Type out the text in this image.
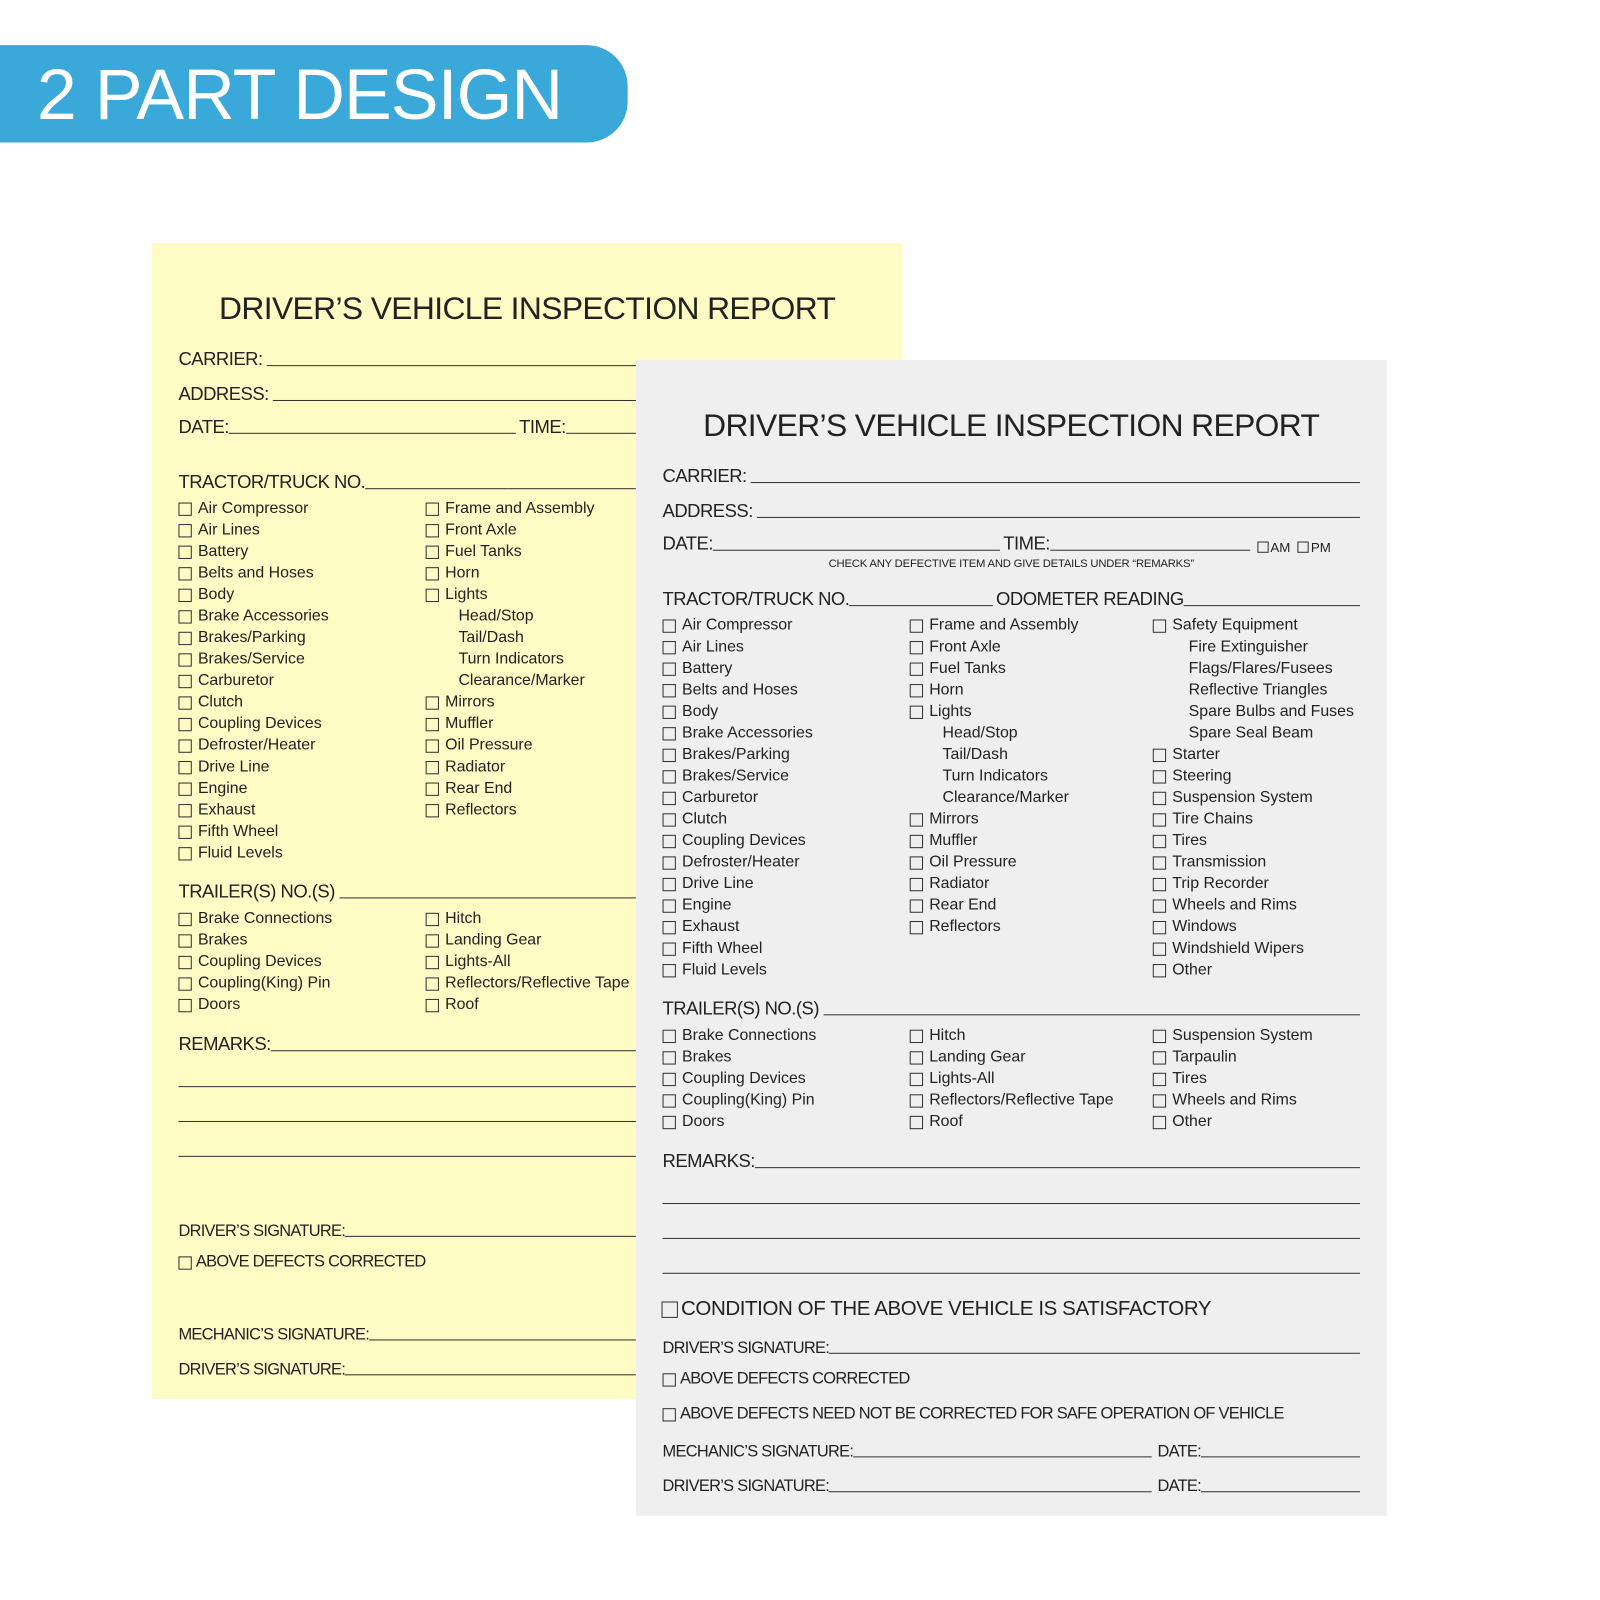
2 PART DESIGN
DRIVER’S VEHICLE INSPECTION REPORT
CARRIER:
ADDRESS:
DATE:	TIME:
TRACTOR/TRUCK NO.
Air Compressor
Air Lines
Battery
Belts and Hoses
Body
Brake Accessories
Brakes/Parking
Brakes/Service
Carburetor
Clutch
Coupling Devices
Defroster/Heater
Drive Line
Engine
Exhaust
Fifth Wheel
Fluid Levels
Frame and Assembly
Front Axle
Fuel Tanks
Horn
Lights
Head/Stop
Tail/Dash
Turn Indicators
Clearance/Marker
Mirrors
Muffler
Oil Pressure
Radiator
Rear End
Reflectors
TRAILER(S) NO.(S)
Brake Connections
Brakes
Coupling Devices
Coupling(King) Pin
Doors
Hitch
Landing Gear
Lights-All
Reflectors/Reflective Tape
Roof
REMARKS:
DRIVER’S SIGNATURE:
ABOVE DEFECTS CORRECTED
MECHANIC’S SIGNATURE:
DRIVER’S SIGNATURE:
DRIVER’S VEHICLE INSPECTION REPORT
CARRIER:
ADDRESS:
DATE:	TIME:	AM PM
CHECK ANY DEFECTIVE ITEM AND GIVE DETAILS UNDER “REMARKS”
TRACTOR/TRUCK NO.	ODOMETER READING
Air Compressor
Air Lines
Battery
Belts and Hoses
Body
Brake Accessories
Brakes/Parking
Brakes/Service
Carburetor
Clutch
Coupling Devices
Defroster/Heater
Drive Line
Engine
Exhaust
Fifth Wheel
Fluid Levels
Frame and Assembly
Front Axle
Fuel Tanks
Horn
Lights
Head/Stop
Tail/Dash
Turn Indicators
Clearance/Marker
Mirrors
Muffler
Oil Pressure
Radiator
Rear End
Reflectors
Safety Equipment
Fire Extinguisher
Flags/Flares/Fusees
Reflective Triangles
Spare Bulbs and Fuses
Spare Seal Beam
Starter
Steering
Suspension System
Tire Chains
Tires
Transmission
Trip Recorder
Wheels and Rims
Windows
Windshield Wipers
Other
TRAILER(S) NO.(S)
Brake Connections
Brakes
Coupling Devices
Coupling(King) Pin
Doors
Hitch
Landing Gear
Lights-All
Reflectors/Reflective Tape
Roof
Suspension System
Tarpaulin
Tires
Wheels and Rims
Other
REMARKS:
CONDITION OF THE ABOVE VEHICLE IS SATISFACTORY
DRIVER’S SIGNATURE:
ABOVE DEFECTS CORRECTED
ABOVE DEFECTS NEED NOT BE CORRECTED FOR SAFE OPERATION OF VEHICLE
MECHANIC’S SIGNATURE:	DATE:
DRIVER’S SIGNATURE:	DATE:
